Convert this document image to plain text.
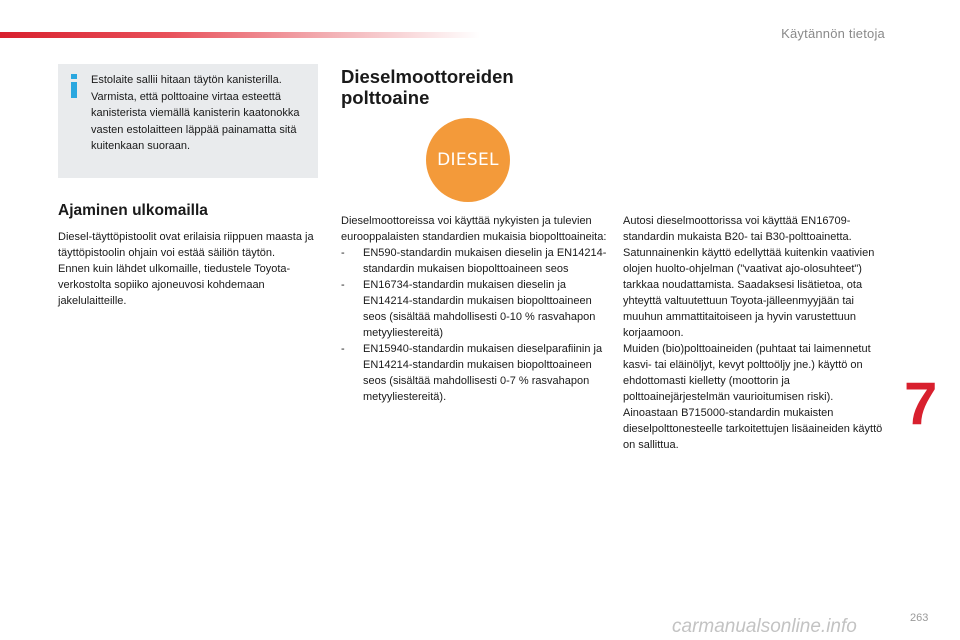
Käytännön tietoja
Estolaite sallii hitaan täytön kanisterilla. Varmista, että polttoaine virtaa esteettä kanisterista viemällä kanisterin kaatonokka vasten estolaitteen läppää painamatta sitä kuitenkaan suoraan.
Ajaminen ulkomailla
Diesel-täyttöpistoolit ovat erilaisia riippuen maasta ja täyttöpistoolin ohjain voi estää säiliön täytön.
Ennen kuin lähdet ulkomaille, tiedustele Toyota-verkostolta sopiiko ajoneuvosi kohdemaan jakelulaitteille.
Dieselmoottoreiden polttoaine
DIESEL
Dieselmoottoreissa voi käyttää nykyisten ja tulevien eurooppalaisten standardien mukaisia biopolttoaineita:
- EN590-standardin mukaisen dieselin ja EN14214-standardin mukaisen biopolttoaineen seos
- EN16734-standardin mukaisen dieselin ja EN14214-standardin mukaisen biopolttoaineen seos (sisältää mahdollisesti 0-10 % rasvahapon metyyliestereitä)
- EN15940-standardin mukaisen dieselparafiinin ja EN14214-standardin mukaisen biopolttoaineen seos (sisältää mahdollisesti 0-7 % rasvahapon metyyliestereitä).
Autosi dieselmoottorissa voi käyttää EN16709-standardin mukaista B20- tai B30-polttoainetta. Satunnainenkin käyttö edellyttää kuitenkin vaativien olojen huolto-ohjelman ("vaativat ajo-olosuhteet") tarkkaa noudattamista. Saadaksesi lisätietoa, ota yhteyttä valtuutettuun Toyota-jälleenmyyjään tai muuhun ammattitaitoiseen ja hyvin varustettuun korjaamoon.
Muiden (bio)polttoaineiden (puhtaat tai laimennetut kasvi- tai eläinöljyt, kevyt polttoöljy jne.) käyttö on ehdottomasti kielletty (moottorin ja polttoainejärjestelmän vaurioitumisen riski).
Ainoastaan B715000-standardin mukaisten dieselpolttonesteelle tarkoitettujen lisäaineiden käyttö on sallittua.
7
carmanualsonline.info	263
